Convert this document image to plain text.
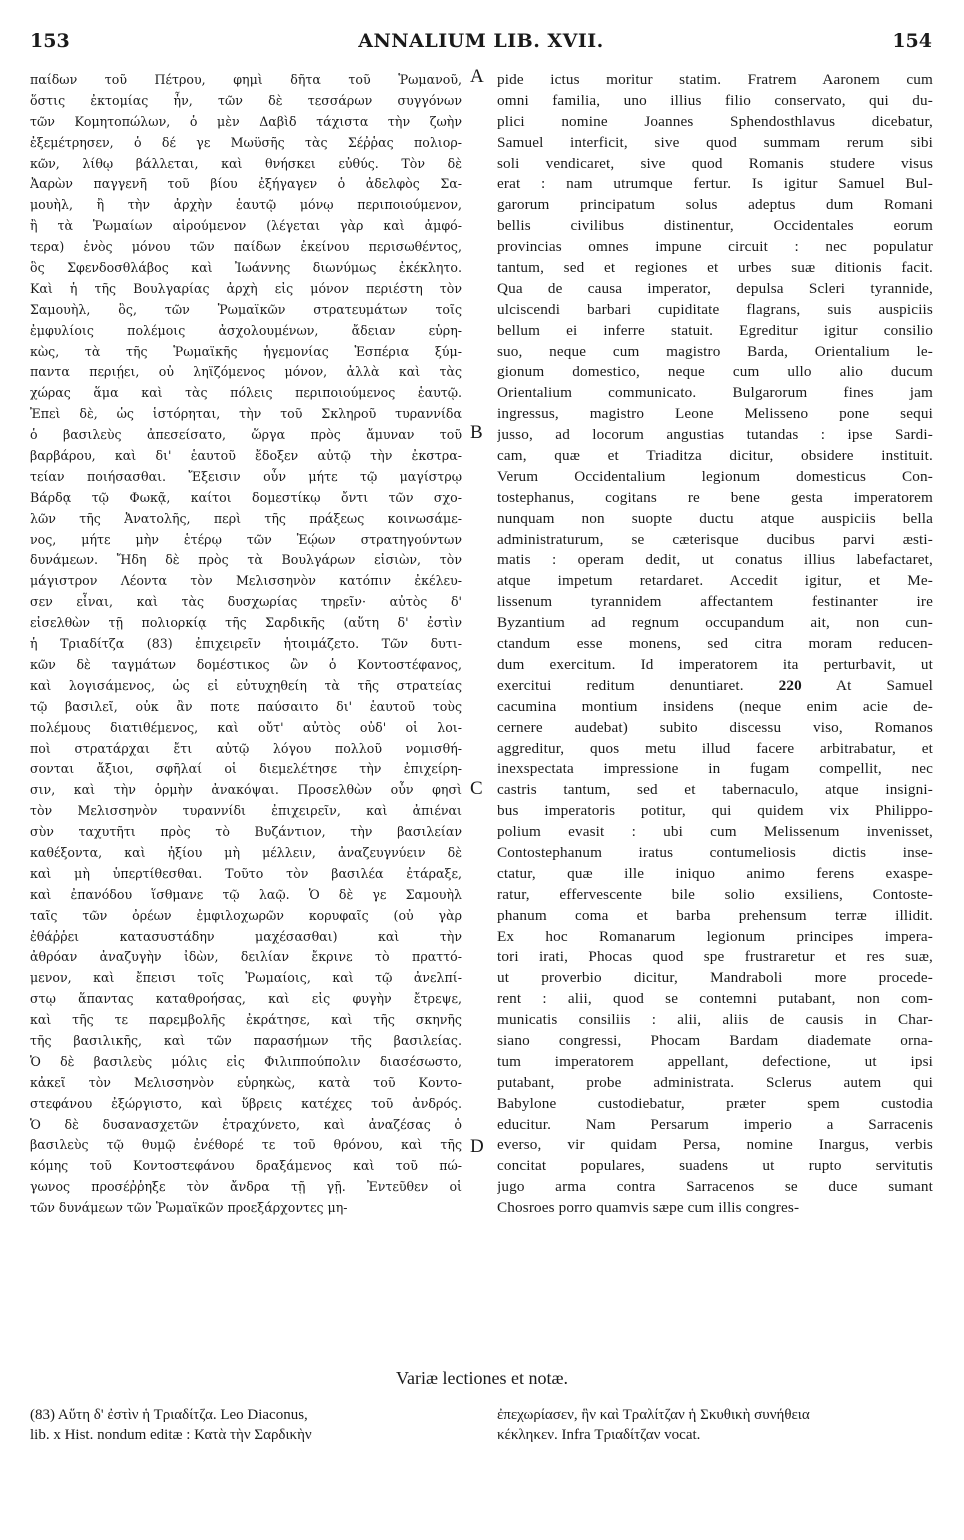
153	ANNALIUM LIB. XVII.	154
παίδων τοῦ Πέτρου, φημὶ δῆτα τοῦ Ῥωμανοῦ,
ὅστις ἐκτομίας ἦν, τῶν δὲ τεσσάρων συγγόνων
τῶν Κομητοπώλων, ὁ μὲν Δαβὶδ τάχιστα τὴν ζωὴν
ἐξεμέτρησεν, ὁ δέ γε Μωϋσῆς τὰς Σέῤῥας πολιορ-
κῶν, λίθῳ βάλλεται, καὶ θνήσκει εὐθύς. Τὸν δὲ
Ἀαρὼν παγγενῆ τοῦ βίου ἐξήγαγεν ὁ ἀδελφὸς Σα-
μουὴλ, ἢ τὴν ἀρχὴν ἑαυτῷ μόνῳ περιποιούμενον,
ἢ τὰ Ῥωμαίων αἱρούμενον (λέγεται γὰρ καὶ ἀμφό-
τερα) ἑνὸς μόνου τῶν παίδων ἐκείνου περισωθέντος,
ὃς Σφενδοσθλάβος καὶ Ἰωάννης διωνύμως ἐκέκλητο.
Καὶ ἡ τῆς Βουλγαρίας ἀρχὴ εἰς μόνον περιέστη τὸν
Σαμουὴλ, ὃς, τῶν Ῥωμαϊκῶν στρατευμάτων τοῖς
ἐμφυλίοις πολέμοις ἀσχολουμένων, ἄδειαν εὑρη-
κὼς, τὰ τῆς Ῥωμαϊκῆς ἡγεμονίας Ἑσπέρια ξύμ-
παντα περιῄει, οὐ ληϊζόμενος μόνον, ἀλλὰ καὶ τὰς
χώρας ἅμα καὶ τὰς πόλεις περιποιούμενος ἑαυτῷ.
Ἐπεὶ δὲ, ὡς ἱστόρηται, τὴν τοῦ Σκληροῦ τυραννίδα
ὁ βασιλεὺς ἀπεσείσατο, ὥργα πρὸς ἄμυναν τοῦ
βαρβάρου, καὶ δι' ἑαυτοῦ ἔδοξεν αὐτῷ τὴν ἐκστρα-
τείαν ποιήσασθαι. Ἔξεισιν οὖν μήτε τῷ μαγίστρῳ
Βάρδᾳ τῷ Φωκᾷ, καίτοι δομεστίκῳ ὄντι τῶν σχο-
λῶν τῆς Ἀνατολῆς, περὶ τῆς πράξεως κοινωσάμε-
νος, μήτε μὴν ἑτέρῳ τῶν Ἐῴων στρατηγούντων
δυνάμεων. Ἤδη δὲ πρὸς τὰ Βουλγάρων εἰσιὼν, τὸν
μάγιστρον Λέοντα τὸν Μελισσηνὸν κατόπιν ἐκέλευ-
σεν εἶναι, καὶ τὰς δυσχωρίας τηρεῖν· αὐτὸς δ'
εἰσελθὼν τῇ πολιορκίᾳ τῆς Σαρδικῆς (αὕτη δ' ἐστὶν
ἡ Τριαδίτζα (83) ἐπιχειρεῖν ἡτοιμάζετο. Τῶν δυτι-
κῶν δὲ ταγμάτων δομέστικος ὢν ὁ Κοντοστέφανος,
καὶ λογισάμενος, ὡς εἰ εὐτυχηθείη τὰ τῆς στρατείας
τῷ βασιλεῖ, οὐκ ἂν ποτε παύσαιτο δι' ἑαυτοῦ τοὺς
πολέμους διατιθέμενος, καὶ οὔτ' αὐτὸς οὐδ' οἱ λοι-
ποὶ στρατάρχαι ἔτι αὐτῷ λόγου πολλοῦ νομισθή-
σονται ἄξιοι, σφῆλαί οἱ διεμελέτησε τὴν ἐπιχείρη-
σιν, καὶ τὴν ὁρμὴν ἀνακόψαι. Προσελθὼν οὖν φησὶ
τὸν Μελισσηνὸν τυραννίδι ἐπιχειρεῖν, καὶ ἀπιέναι
σὺν ταχυτῆτι πρὸς τὸ Βυζάντιον, τὴν βασιλείαν
καθέξοντα, καὶ ἠξίου μὴ μέλλειν, ἀναζευγνύειν δὲ
καὶ μὴ ὑπερτίθεσθαι. Τοῦτο τὸν βασιλέα ἐτάραξε,
καὶ ἐπανόδου ἵσθμανε τῷ λαῷ. Ὁ δὲ γε Σαμουὴλ
ταῖς τῶν ὀρέων ἐμφιλοχωρῶν κορυφαῖς (οὐ γὰρ
ἐθάῤῥει κατασυστάδην μαχέσασθαι) καὶ τὴν
ἀθρόαν ἀναζυγὴν ἰδὼν, δειλίαν ἔκρινε τὸ πραττό-
μενον, καὶ ἔπεισι τοῖς Ῥωμαίοις, καὶ τῷ ἀνελπί-
στῳ ἅπαντας καταθροήσας, καὶ εἰς φυγὴν ἔτρεψε,
καὶ τῆς τε παρεμβολῆς ἐκράτησε, καὶ τῆς σκηνῆς
τῆς βασιλικῆς, καὶ τῶν παρασήμων τῆς βασιλείας.
Ὁ δὲ βασιλεὺς μόλις εἰς Φιλιππούπολιν διασέσωστο,
κἀκεῖ τὸν Μελισσηνὸν εὑρηκὼς, κατὰ τοῦ Κοντο-
στεφάνου ἐξώργιστο, καὶ ὕβρεις κατέχες τοῦ ἀνδρός.
Ὁ δὲ δυσανασχετῶν ἐτραχύνετο, καὶ ἀναζέσας ὁ
βασιλεὺς τῷ θυμῷ ἐνέθορέ τε τοῦ θρόνου, καὶ τῆς
κόμης τοῦ Κοντοστεφάνου δραξάμενος καὶ τοῦ πώ-
γωνος προσέῤῥηξε τὸν ἄνδρα τῇ γῇ. Ἐντεῦθεν οἱ
τῶν δυνάμεων τῶν Ῥωμαϊκῶν προεξάρχοντες μη-
A
B
C
D
pide ictus moritur statim. Fratrem Aaronem cum
omni familia, uno illius filio conservato, qui du-
plici nomine Joannes Sphendosthlavus dicebatur,
Samuel interficit, sive quod summam rerum sibi
soli vendicaret, sive quod Romanis studere visus
erat : nam utrumque fertur. Is igitur Samuel Bul-
garorum principatum solus adeptus dum Romani
bellis civilibus distinentur, Occidentales eorum
provincias omnes impune circuit : nec populatur
tantum, sed et regiones et urbes suæ ditionis facit.
Qua de causa imperator, depulsa Scleri tyrannide,
ulciscendi barbari cupiditate flagrans, suis auspiciis
bellum ei inferre statuit. Egreditur igitur consilio
suo, neque cum magistro Barda, Orientalium le-
gionum domestico, neque cum ullo alio ducum
Orientalium communicato. Bulgarorum fines jam
ingressus, magistro Leone Melisseno pone sequi
jusso, ad locorum angustias tutandas : ipse Sardi-
cam, quæ et Triaditza dicitur, obsidere instituit.
Verum Occidentalium legionum domesticus Con-
tostephanus, cogitans re bene gesta imperatorem
nunquam non suopte ductu atque auspiciis bella
administraturum, se cæterisque ducibus parvi æsti-
matis : operam dedit, ut conatus illius labefactaret,
atque impetum retardaret. Accedit igitur, et Me-
lissenum tyrannidem affectantem festinanter ire
Byzantium ad regnum occupandum ait, non cun-
ctandum esse monens, sed citra moram reducen-
dum exercitum. Id imperatorem ita perturbavit, ut
exercitui reditum denuntiaret. 220 At Samuel
cacumina montium insidens (neque enim acie de-
cernere audebat) subito discessu viso, Romanos
aggreditur, quos metu illud facere arbitrabatur, et
inexspectata impressione in fugam compellit, nec
castris tantum, sed et tabernaculo, atque insigni-
bus imperatoris potitur, qui quidem vix Philippo-
polium evasit : ubi cum Melissenum invenisset,
Contostephanum iratus contumeliosis dictis inse-
ctatur, quæ ille iniquo animo ferens exaspe-
ratur, effervescente bile solio exsiliens, Contoste-
phanum coma et barba prehensum terræ illidit.
Ex hoc Romanarum legionum principes impera-
tori irati, Phocas quod spe frustraretur et res suæ,
ut proverbio dicitur, Mandraboli more procede-
rent : alii, quod se contemni putabant, non com-
municatis consiliis : alii, aliis de causis in Char-
siano congressi, Phocam Bardam diademate orna-
tum imperatorem appellant, defectione, ut ipsi
putabant, probe administrata. Sclerus autem qui
Babylone custodiebatur, præter spem custodia
educitur. Nam Persarum imperio a Sarracenis
everso, vir quidam Persa, nomine Inargus, verbis
concitat populares, suadens ut rupto servitutis
jugo arma contra Sarracenos se duce sumant
Chosroes porro quamvis sæpe cum illis congres-
Variæ lectiones et notæ.
(83) Αὕτη δ' ἐστὶν ἡ Τριαδίτζα. Leo Diaconus,
lib. x Hist. nondum editæ : Κατὰ τὴν Σαρδικὴν
ἐπεχωρίασεν, ἣν καὶ Τραλίτζαν ἡ Σκυθικὴ συνήθεια
κέκληκεν. Infra Τριαδίτζαν vocat.
